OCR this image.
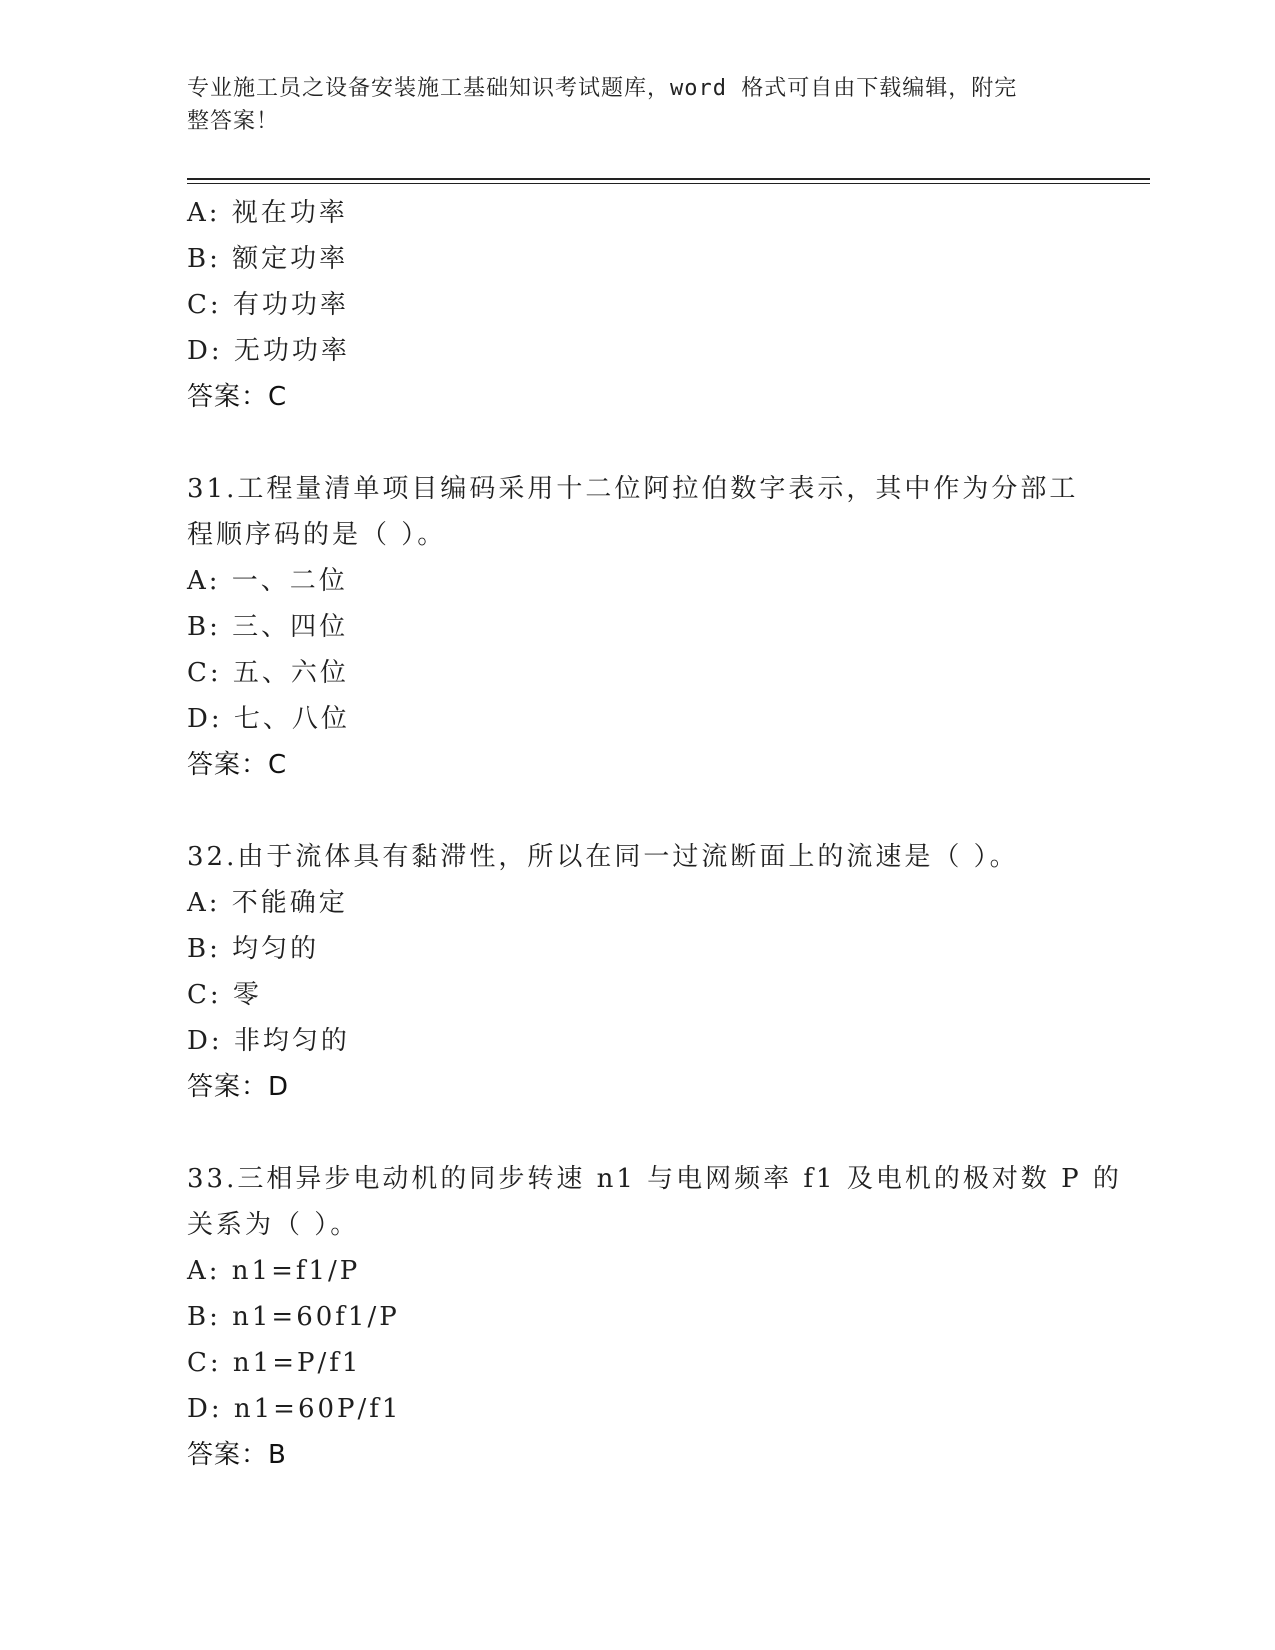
专业施工员之设备安装施工基础知识考试题库，word 格式可自由下载编辑，附完
整答案！
A: 视在功率
B: 额定功率
C: 有功功率
D: 无功功率
答案：C
31.工程量清单项目编码采用十二位阿拉伯数字表示，其中作为分部工
程顺序码的是（ ）。
A: 一、二位
B: 三、四位
C: 五、六位
D: 七、八位
答案：C
32.由于流体具有黏滞性，所以在同一过流断面上的流速是（ ）。
A: 不能确定
B: 均匀的
C: 零
D: 非均匀的
答案：D
33.三相异步电动机的同步转速 n1 与电网频率 f1 及电机的极对数 P 的
关系为（ ）。
A: n1=f1/P
B: n1=60f1/P
C: n1=P/f1
D: n1=60P/f1
答案：B
